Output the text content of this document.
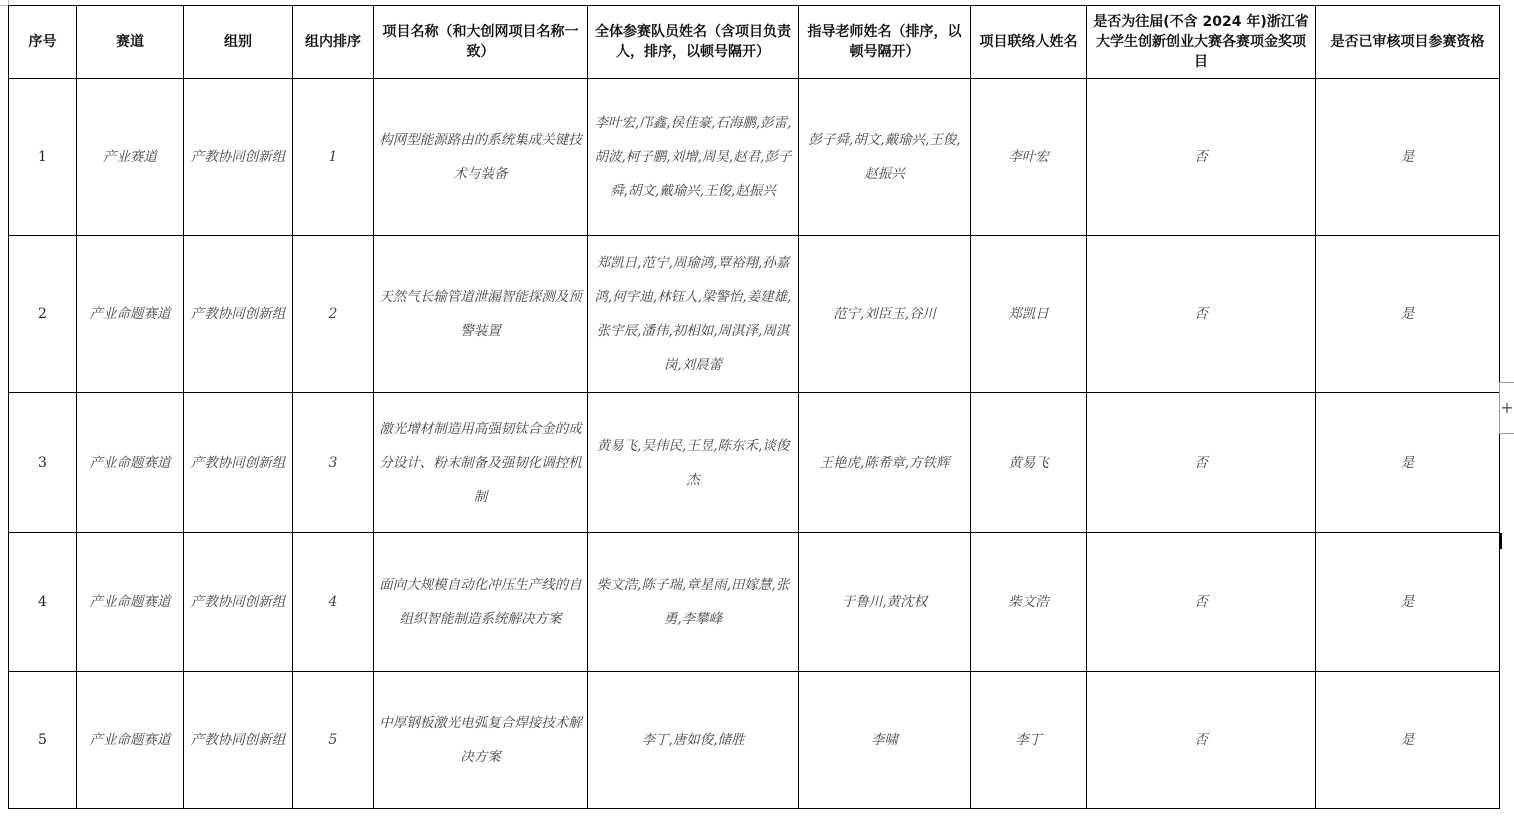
序号	赛道	组别	组内排序	项目名称（和大创网项目名称一致）	全体参赛队员姓名（含项目负责人，排序，以顿号隔开）	指导老师姓名（排序，以顿号隔开）	项目联络人姓名	是否为往届(不含 2024 年)浙江省大学生创新创业大赛各赛项金奖项目	是否已审核项目参赛资格
1	产业赛道	产教协同创新组	1	构网型能源路由的系统集成关键技术与装备	李叶宏,邝鑫,侯佳豪,石海鹏,彭雷,胡波,柯子鹏,刘增,周昊,赵君,彭子舜,胡文,戴瑜兴,王俊,赵振兴	彭子舜,胡文,戴瑜兴,王俊,赵振兴	李叶宏	否	是
2	产业命题赛道	产教协同创新组	2	天然气长输管道泄漏智能探测及预警装置	郑凯日,范宁,周瑜鸿,覃裕翔,孙嘉鸿,何宇迪,林钰人,梁警怡,姜建雄,张宇辰,潘伟,初相如,周淇泽,周淇岗,刘晨蕾	范宁,刘臣玉,谷川	郑凯日	否	是
3	产业命题赛道	产教协同创新组	3	激光增材制造用高强韧钛合金的成分设计、粉末制备及强韧化调控机制	黄易飞,吴伟民,王昱,陈东禾,谈俊杰	王艳虎,陈希章,方铁辉	黄易飞	否	是
4	产业命题赛道	产教协同创新组	4	面向大规模自动化冲压生产线的自组织智能制造系统解决方案	柴文浩,陈子瑞,章星雨,田嫁慧,张勇,李攀峰	于鲁川,黄沈权	柴文浩	否	是
5	产业命题赛道	产教协同创新组	5	中厚钢板激光电弧复合焊接技术解决方案	李丁,唐如俊,储胜	李啸	李丁	否	是
+
